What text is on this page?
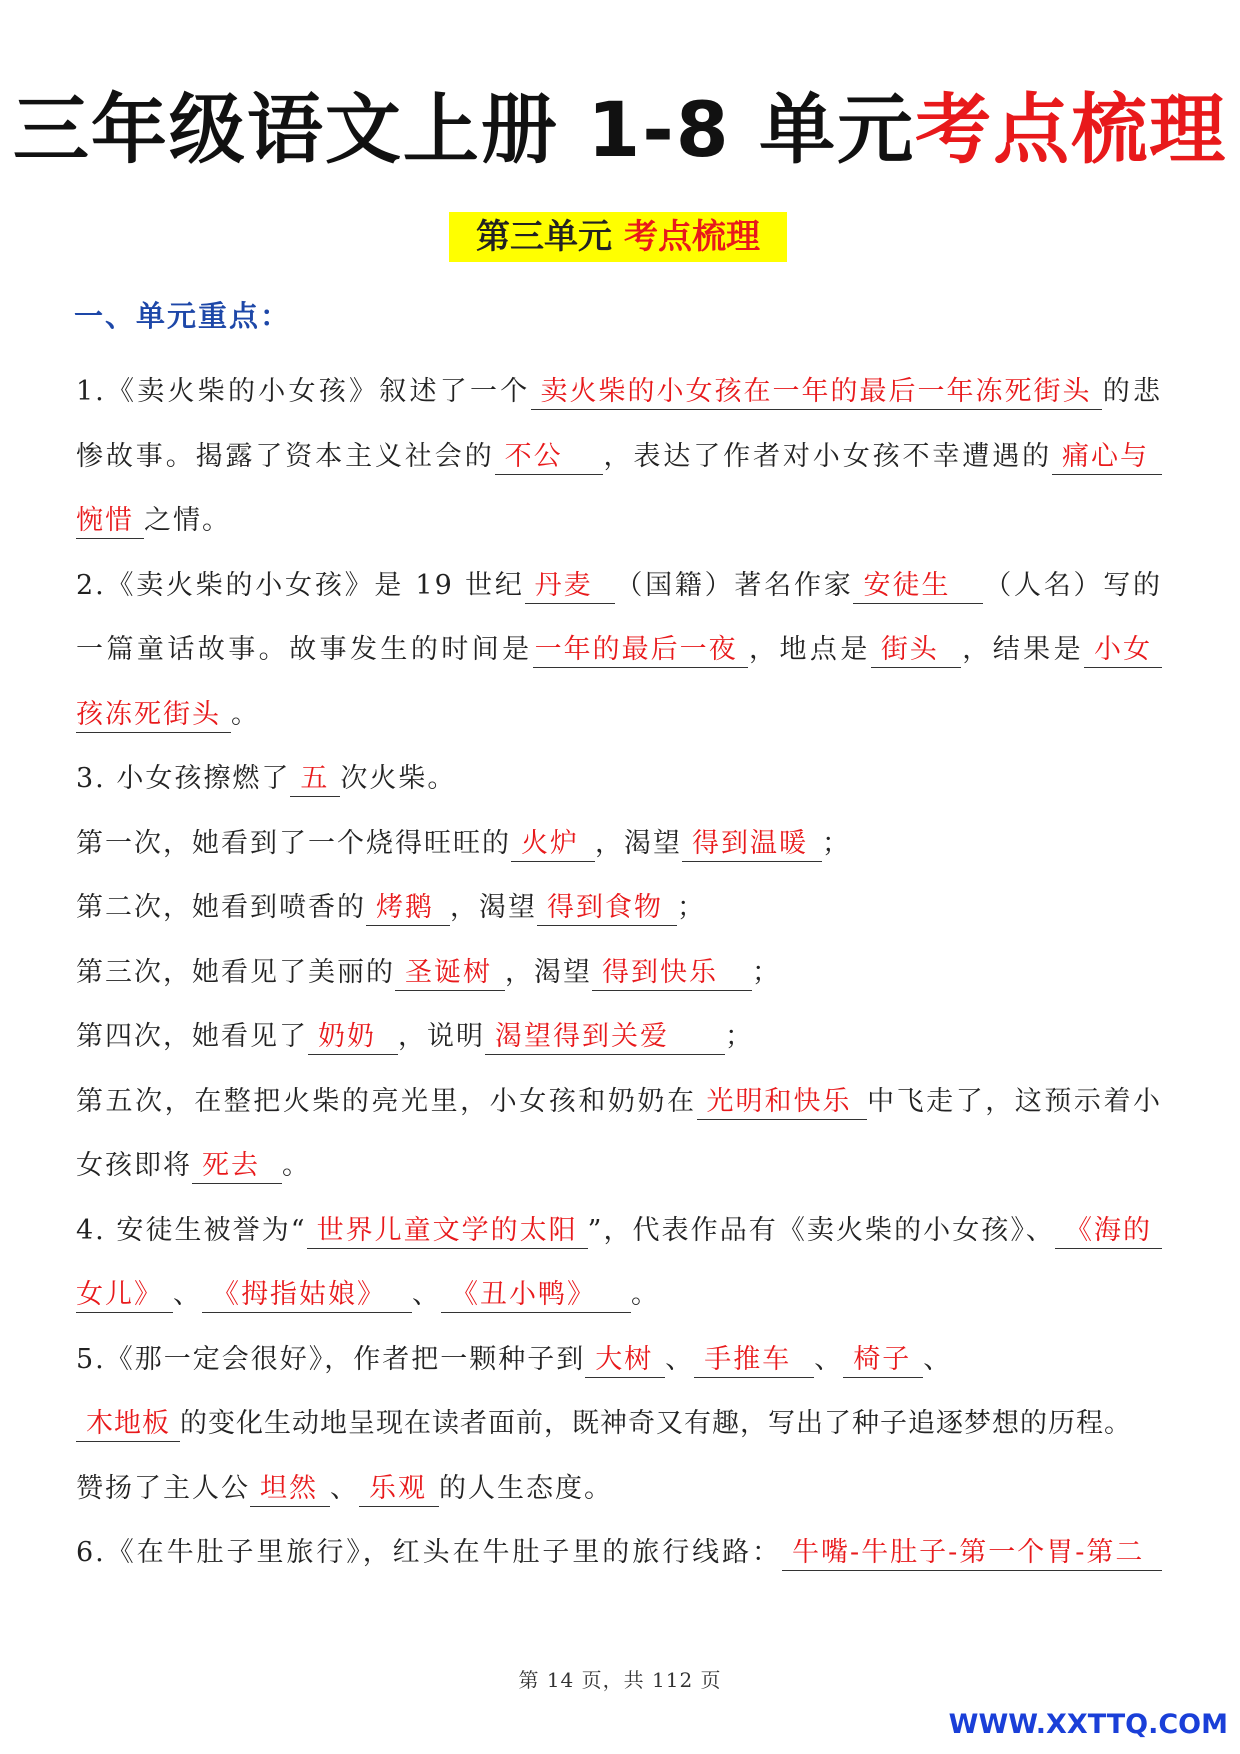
三年级语文上册 1-8 单元考点梳理
第三单元 考点梳理
一、单元重点：

1.《卖火柴的小女孩》叙述了一个 卖火柴的小女孩在一年的最后一年冻死街头 的悲

惨故事。揭露了资本主义社会的 不公 ，表达了作者对小女孩不幸遭遇的 痛心与

惋惜 之情。

2.《卖火柴的小女孩》是 19 世纪 丹麦 （国籍）著名作家 安徒生 （人名）写的

一篇童话故事。故事发生的时间是一年的最后一夜 ，地点是 街头 ，结果是 小女

孩冻死街头 。

3. 小女孩擦燃了 五 次火柴。

第一次，她看到了一个烧得旺旺的 火炉 ，渴望 得到温暖 ；

第二次，她看到喷香的 烤鹅 ，渴望 得到食物 ；

第三次，她看见了美丽的 圣诞树 ，渴望 得到快乐 ；

第四次，她看见了 奶奶 ，说明 渴望得到关爱 ；

第五次，在整把火柴的亮光里，小女孩和奶奶在 光明和快乐 中飞走了，这预示着小

女孩即将 死去 。

4. 安徒生被誉为“ 世界儿童文学的太阳 ”，代表作品有《卖火柴的小女孩》、 《海的

女儿》 、 《拇指姑娘》 、 《丑小鸭》 。

5.《那一定会很好》，作者把一颗种子到 大树 、 手推车 、 椅子 、

木地板 的变化生动地呈现在读者面前，既神奇又有趣，写出了种子追逐梦想的历程。

赞扬了主人公 坦然 、 乐观 的人生态度。

6.《在牛肚子里旅行》，红头在牛肚子里的旅行线路： 牛嘴-牛肚子-第一个胃-第二

第 14 页，共 112 页
WWW.XXTTQ.COM
